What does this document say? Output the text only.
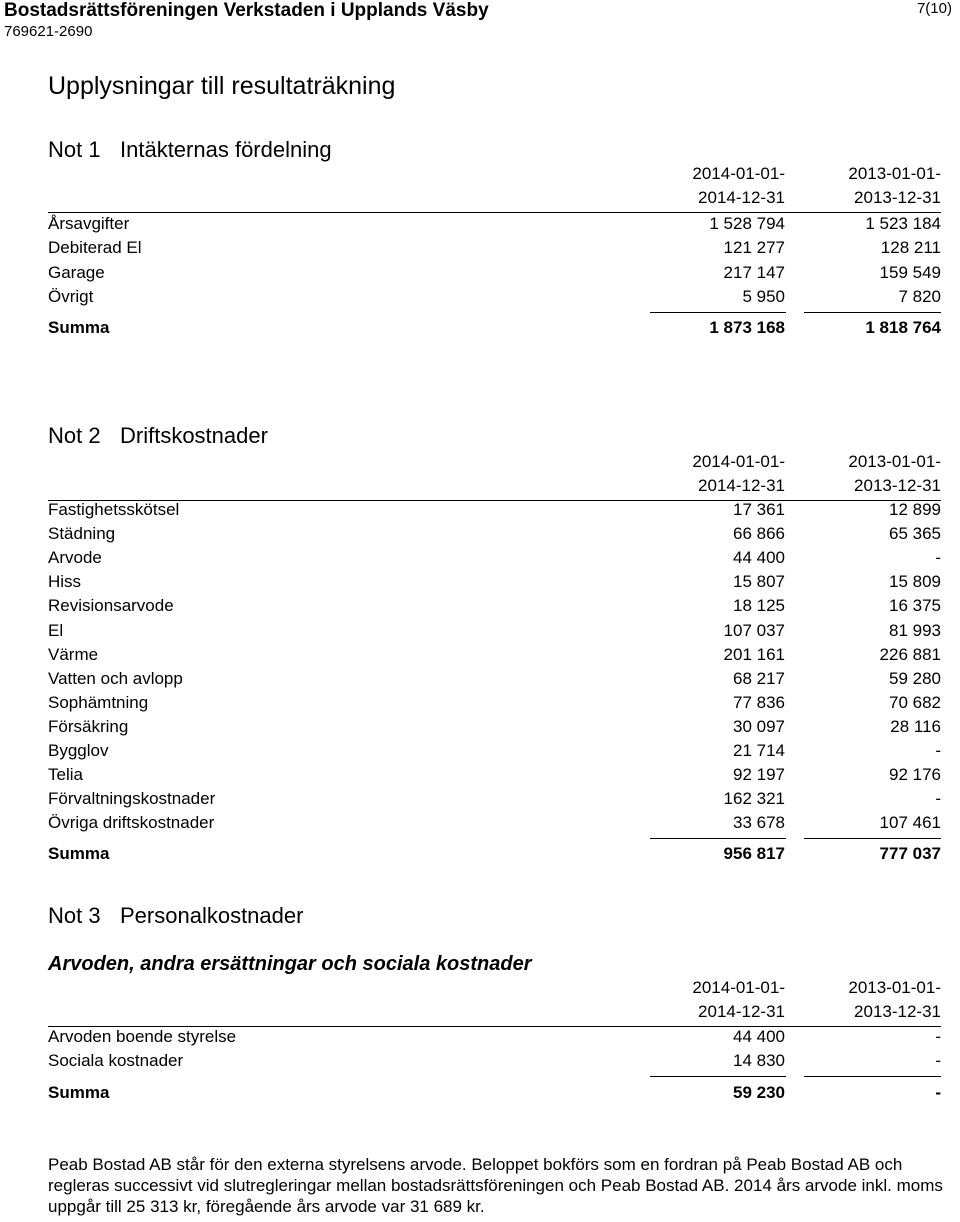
Bostadsrättsföreningen Verkstaden i Upplands Väsby
769621-2690
7(10)
Upplysningar till resultaträkning
Not 1 Intäkternas fördelning
2014-01-01-	2013-01-01-
2014-12-31	2013-12-31
Årsavgifter	1 528 794	1 523 184
Debiterad El	121 277	128 211
Garage	217 147	159 549
Övrigt	5 950	7 820
Summa	1 873 168	1 818 764
Not 2 Driftskostnader
2014-01-01-	2013-01-01-
2014-12-31	2013-12-31
Fastighetsskötsel	17 361	12 899
Städning	66 866	65 365
Arvode	44 400	-
Hiss	15 807	15 809
Revisionsarvode	18 125	16 375
El	107 037	81 993
Värme	201 161	226 881
Vatten och avlopp	68 217	59 280
Sophämtning	77 836	70 682
Försäkring	30 097	28 116
Bygglov	21 714	-
Telia	92 197	92 176
Förvaltningskostnader	162 321	-
Övriga driftskostnader	33 678	107 461
Summa	956 817	777 037
Not 3 Personalkostnader
Arvoden, andra ersättningar och sociala kostnader
2014-01-01-	2013-01-01-
2014-12-31	2013-12-31
Arvoden boende styrelse	44 400	-
Sociala kostnader	14 830	-
Summa	59 230	-
Peab Bostad AB står för den externa styrelsens arvode. Beloppet bokförs som en fordran på Peab Bostad AB och regleras successivt vid slutregleringar mellan bostadsrättsföreningen och Peab Bostad AB. 2014 års arvode inkl. moms uppgår till 25 313 kr, föregående års arvode var 31 689 kr.
